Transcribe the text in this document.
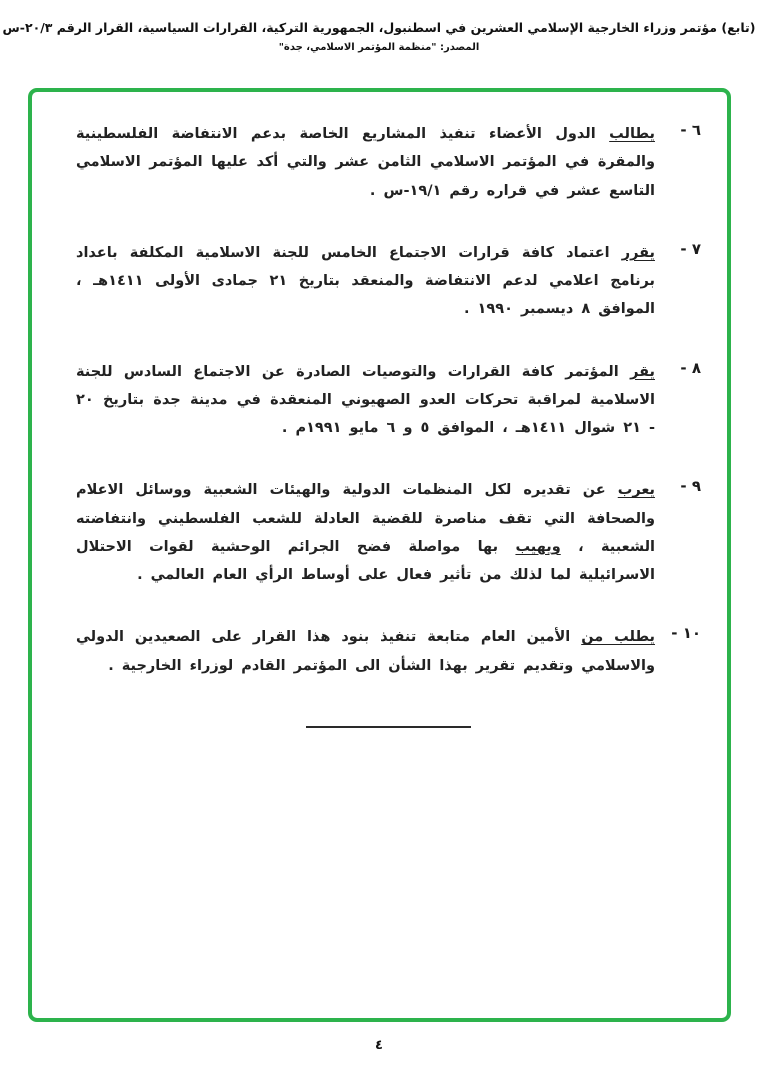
(تابع) مؤتمر وزراء الخارجية الإسلامي العشرين في اسطنبول، الجمهورية التركية، القرارات السياسية، القرار الرقم ٢٠/٣-س
المصدر: "منظمة المؤتمر الاسلامي، جدة"
٦ -

يطالب الدول الأعضاء تنفيذ المشاريع الخاصة بدعم الانتفاضة الفلسطينية والمقرة في المؤتمر الاسلامي الثامن عشر والتي أكد عليها المؤتمر الاسلامي التاسع عشر في قراره رقم ١٩/١-س .

٧ -

يقرر اعتماد كافة قرارات الاجتماع الخامس للجنة الاسلامية المكلفة باعداد برنامج اعلامي لدعم الانتفاضة والمنعقد بتاريخ ٢١ جمادى الأولى ١٤١١هـ ، الموافق ٨ ديسمبر ١٩٩٠ .

٨ -

يقر المؤتمر كافة القرارات والتوصيات الصادرة عن الاجتماع السادس للجنة الاسلامية لمراقبة تحركات العدو الصهيوني المنعقدة في مدينة جدة بتاريخ ٢٠ - ٢١ شوال ١٤١١هـ ، الموافق ٥ و ٦ مايو ١٩٩١م .

٩ -

يعرب عن تقديره لكل المنظمات الدولية والهيئات الشعبية ووسائل الاعلام والصحافة التي تقف مناصرة للقضية العادلة للشعب الفلسطيني وانتفاضته الشعبية ، ويهيب بها مواصلة فضح الجرائم الوحشية لقوات الاحتلال الاسرائيلية لما لذلك من تأثير فعال على أوساط الرأي العام العالمي .

١٠ -

يطلب من الأمين العام متابعة تنفيذ بنود هذا القرار على الصعيدين الدولي والاسلامي وتقديم تقرير بهذا الشأن الى المؤتمر القادم لوزراء الخارجية .

٤
